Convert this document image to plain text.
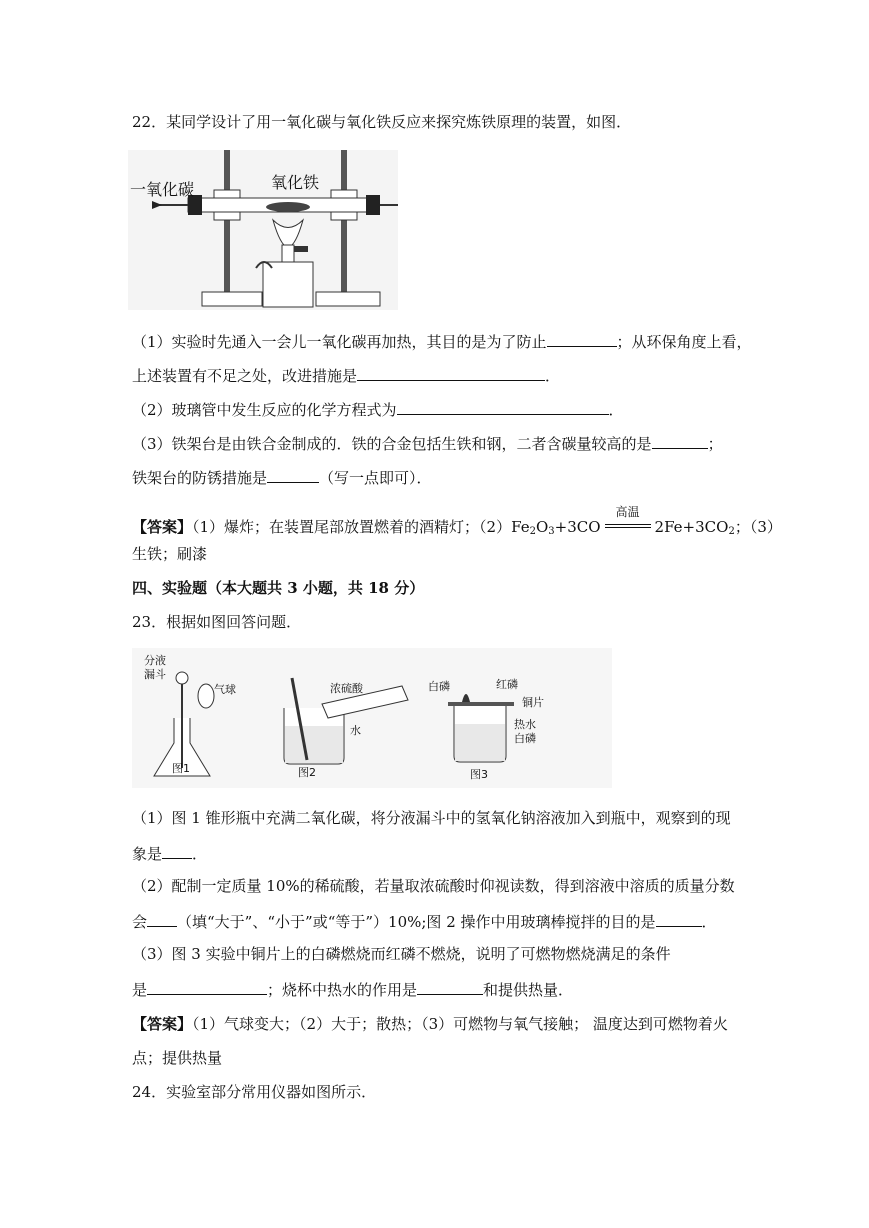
22．某同学设计了用一氧化碳与氧化铁反应来探究炼铁原理的装置，如图．
一氧化碳	氧化铁
（1）实验时先通入一会儿一氧化碳再加热，其目的是为了防止	；从环保角度上看，
上述装置有不足之处，改进措施是	．
（2）玻璃管中发生反应的化学方程式为	．
（3）铁架台是由铁合金制成的．铁的合金包括生铁和钢，二者含碳量较高的是	；
铁架台的防锈措施是	（写一点即可）．
【答案】（1）爆炸；在装置尾部放置燃着的酒精灯；$(2)Fe_2O_3+3CO$
高温
$2Fe+3CO_2$；（3）
生铁；刷漆
四、实验题（本大题共 3 小题，共 18 分）
23．根据如图回答问题．
分液
漏斗
气球
图1
浓硫酸
水
图2
白磷	红磷
铜片
热水
白磷
图3
（1）图 1 锥形瓶中充满二氧化碳，将分液漏斗中的氢氧化钠溶液加入到瓶中，观察到的现
象是 ．
（2）配制一定质量 10%的稀硫酸，若量取浓硫酸时仰视读数，得到溶液中溶质的质量分数
会 （填“大于”、“小于”或“等于”）10%;图 2 操作中用玻璃棒搅拌的目的是	．
（3）图 3 实验中铜片上的白磷燃烧而红磷不燃烧，说明了可燃物燃烧满足的条件
是	；烧杯中热水的作用是	和提供热量．
【答案】（1）气球变大；（2）大于；散热；（3）可燃物与氧气接触； 温度达到可燃物着火
点；提供热量
24．实验室部分常用仪器如图所示．
